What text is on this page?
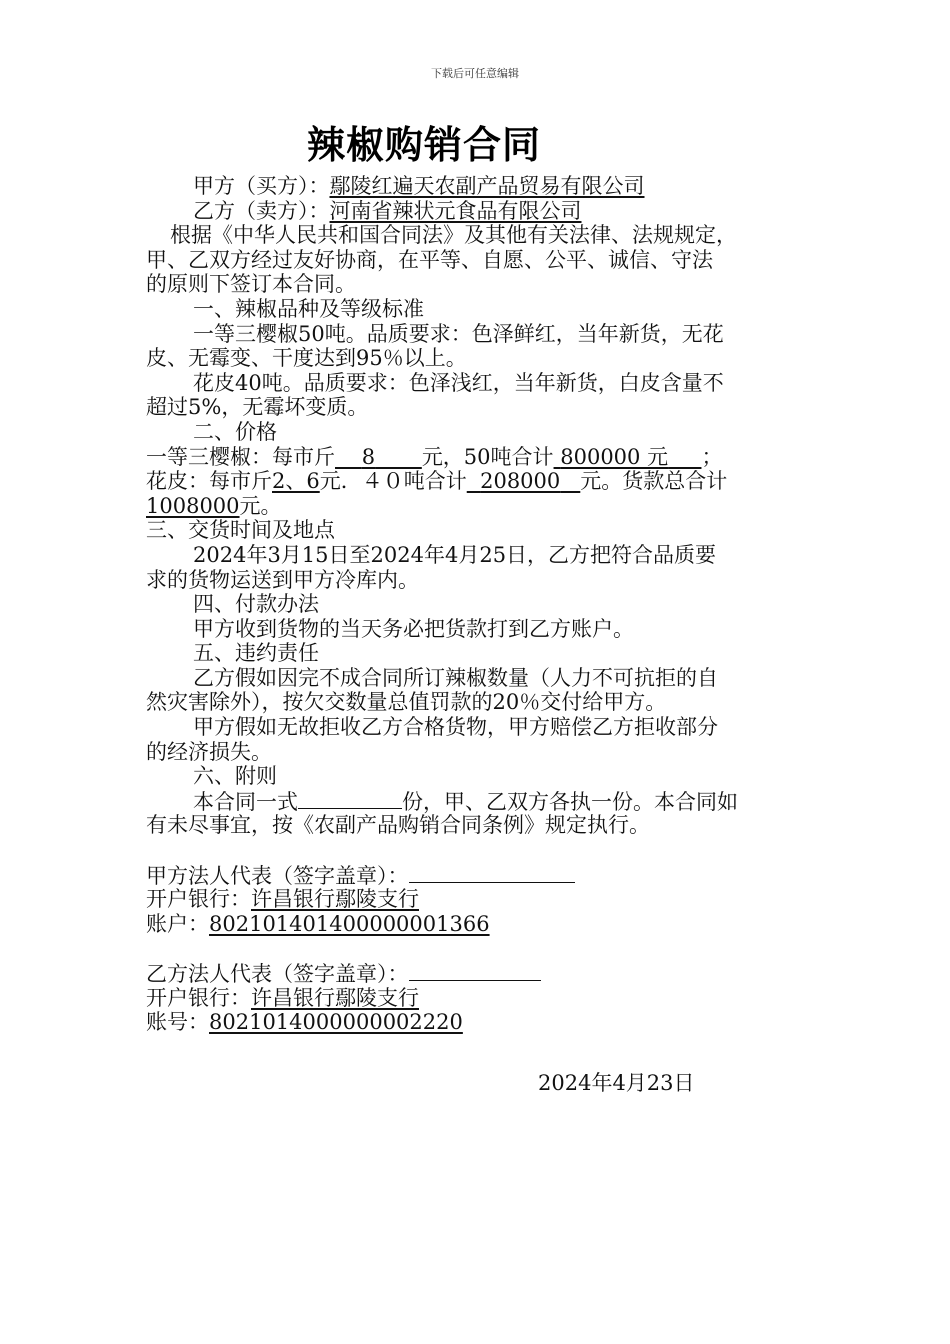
下载后可任意编辑
辣椒购销合同
甲方（买方）：鄢陵红遍天农副产品贸易有限公司
乙方（卖方）：河南省辣状元食品有限公司
根据《中华人民共和国合同法》及其他有关法律、法规规定，
甲、乙双方经过友好协商，在平等、自愿、公平、诚信、守法
的原则下签订本合同。
一、辣椒品种及等级标准
一等三樱椒50吨。品质要求：色泽鲜红，当年新货，无花
皮、无霉变、干度达到95％以上。
花皮40吨。品质要求：色泽浅红，当年新货，白皮含量不
超过5%，无霉坏变质。
二、价格
一等三樱椒：每市斤 8 元，50吨合计 800000 元 ；
花皮：每市斤2、6元．４０吨合计 208000 元。货款总合计
1008000元。
三、交货时间及地点
2024年3月15日至2024年4月25日，乙方把符合品质要
求的货物运送到甲方冷库内。
四、付款办法
甲方收到货物的当天务必把货款打到乙方账户。
五、违约责任
乙方假如因完不成合同所订辣椒数量（人力不可抗拒的自
然灾害除外），按欠交数量总值罚款的20％交付给甲方。
甲方假如无故拒收乙方合格货物，甲方赔偿乙方拒收部分
的经济损失。
六、附则
本合同一式	份，甲、乙双方各执一份。本合同如
有未尽事宜，按《农副产品购销合同条例》规定执行。
甲方法人代表（签字盖章）：
开户银行：许昌银行鄢陵支行
账户：802101401400000001366
乙方法人代表（签字盖章）：
开户银行：许昌银行鄢陵支行
账号：8021014000000002220
2024年4月23日
